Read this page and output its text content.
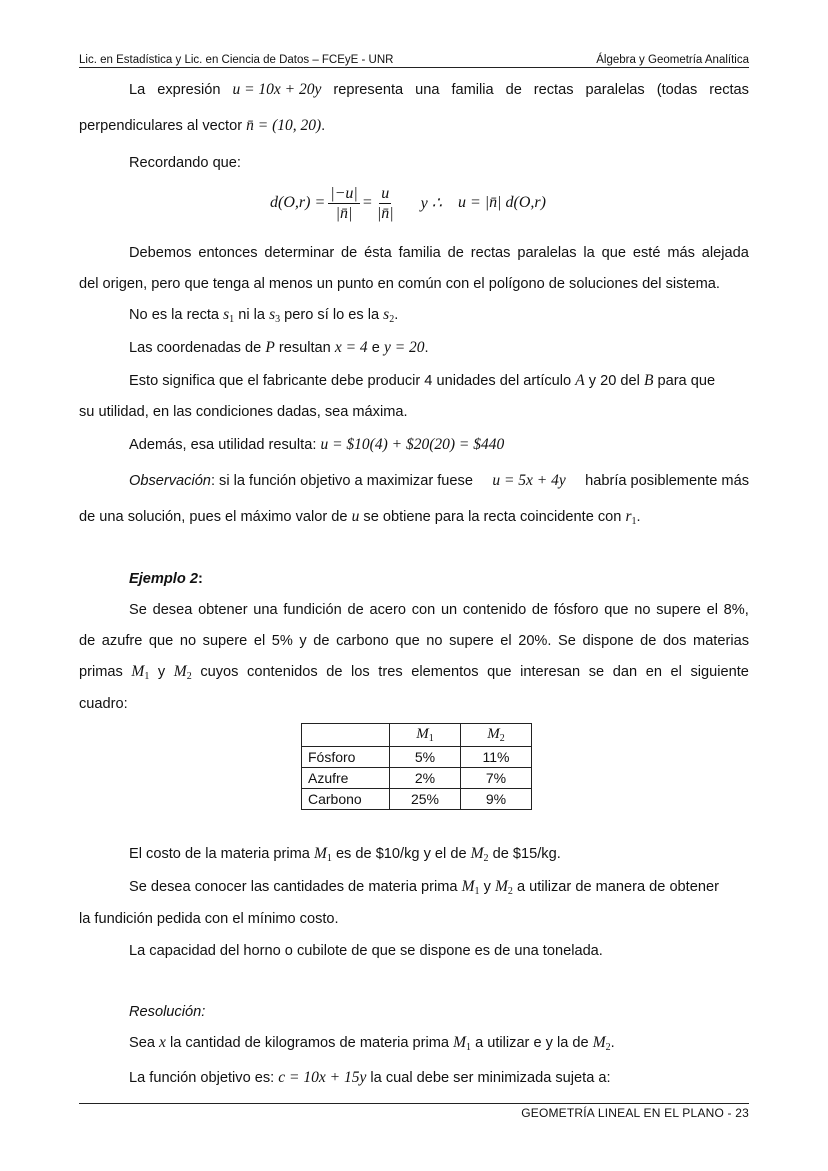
Lic. en Estadística y Lic. en Ciencia de Datos – FCEyE - UNR	Álgebra y Geometría Analítica
La expresión u = 10x + 20y representa una familia de rectas paralelas (todas rectas
perpendiculares al vector n̄ = (10, 20).
Recordando que:
$d(O,r) = \frac{|-u|}{|n̄|} = \frac{u}{|n̄|}$ y ∴ u = |n̄| d(O,r)
Debemos entonces determinar de ésta familia de rectas paralelas la que esté más alejada
del origen, pero que tenga al menos un punto en común con el polígono de soluciones del sistema.
No es la recta $s_1$ ni la $s_3$ pero sí lo es la $s_2$.
Las coordenadas de P resultan x = 4 e y = 20.
Esto significa que el fabricante debe producir 4 unidades del artículo A y 20 del B para que
su utilidad, en las condiciones dadas, sea máxima.
Además, esa utilidad resulta: u = $10(4) + $20(20) = $440
Observación: si la función objetivo a maximizar fuese u = 5x + 4y habría posiblemente más
de una solución, pues el máximo valor de u se obtiene para la recta coincidente con $r_1$.
Ejemplo 2:
Se desea obtener una fundición de acero con un contenido de fósforo que no supere el 8%,
de azufre que no supere el 5% y de carbono que no supere el 20%. Se dispone de dos materias
primas $M_1$ y $M_2$ cuyos contenidos de los tres elementos que interesan se dan en el siguiente
cuadro:
	$M_1$	$M_2$
Fósforo	5%	11%
Azufre	2%	7%
Carbono	25%	9%
El costo de la materia prima $M_1$ es de $10/kg y el de $M_2$ de $15/kg.
Se desea conocer las cantidades de materia prima $M_1$ y $M_2$ a utilizar de manera de obtener
la fundición pedida con el mínimo costo.
La capacidad del horno o cubilote de que se dispone es de una tonelada.
Resolución:
Sea x la cantidad de kilogramos de materia prima $M_1$ a utilizar e y la de $M_2$.
La función objetivo es: c = 10x + 15y la cual debe ser minimizada sujeta a:
GEOMETRÍA LINEAL EN EL PLANO - 23
